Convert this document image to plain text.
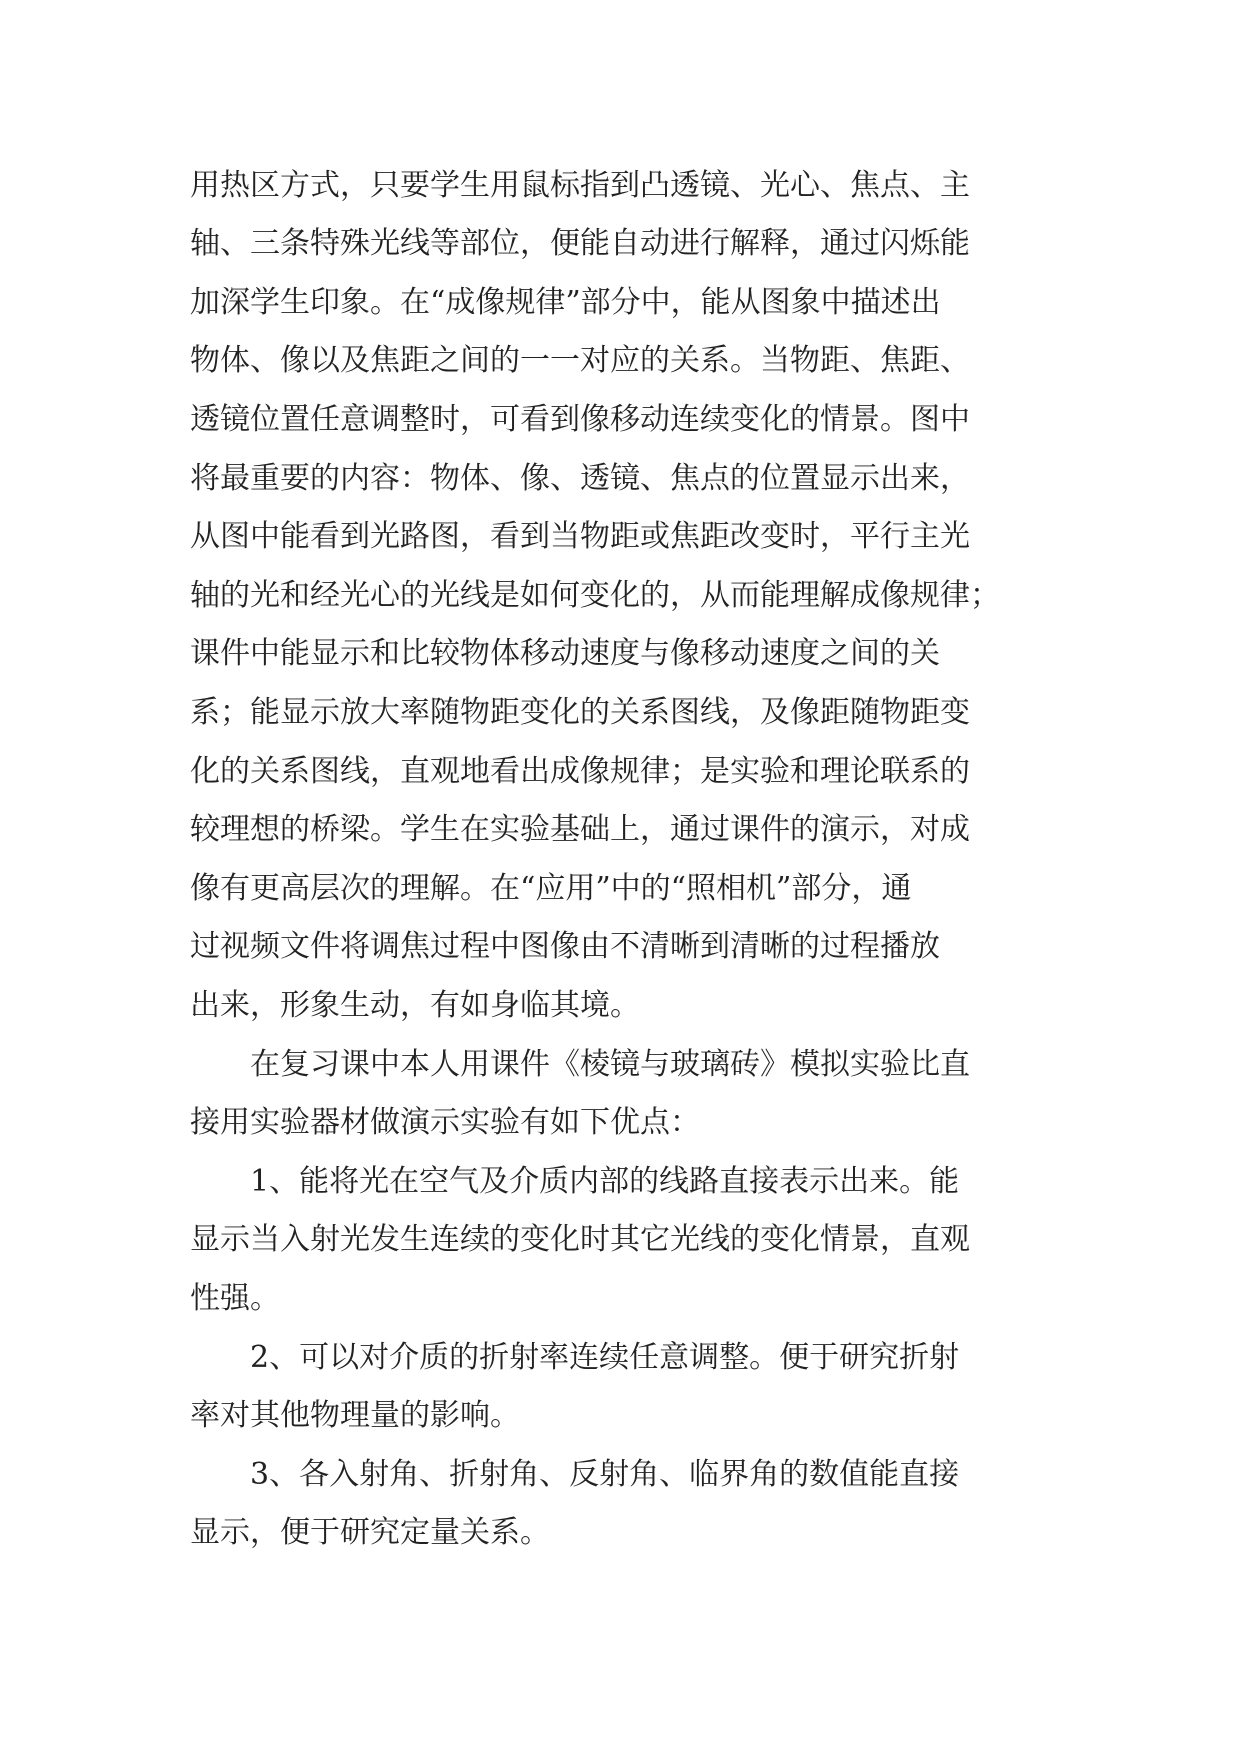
用热区方式，只要学生用鼠标指到凸透镜、光心、焦点、主
轴、三条特殊光线等部位，便能自动进行解释，通过闪烁能
加深学生印象。在“成像规律”部分中，能从图象中描述出
物体、像以及焦距之间的一一对应的关系。当物距、焦距、
透镜位置任意调整时，可看到像移动连续变化的情景。图中
将最重要的内容：物体、像、透镜、焦点的位置显示出来，
从图中能看到光路图，看到当物距或焦距改变时，平行主光
轴的光和经光心的光线是如何变化的，从而能理解成像规律；
课件中能显示和比较物体移动速度与像移动速度之间的关
系；能显示放大率随物距变化的关系图线，及像距随物距变
化的关系图线，直观地看出成像规律；是实验和理论联系的
较理想的桥梁。学生在实验基础上，通过课件的演示，对成
像有更高层次的理解。在“应用”中的“照相机”部分，通
过视频文件将调焦过程中图像由不清晰到清晰的过程播放
出来，形象生动，有如身临其境。
在复习课中本人用课件《棱镜与玻璃砖》模拟实验比直
接用实验器材做演示实验有如下优点：
1、能将光在空气及介质内部的线路直接表示出来。能
显示当入射光发生连续的变化时其它光线的变化情景，直观
性强。
2、可以对介质的折射率连续任意调整。便于研究折射
率对其他物理量的影响。
3、各入射角、折射角、反射角、临界角的数值能直接
显示，便于研究定量关系。
